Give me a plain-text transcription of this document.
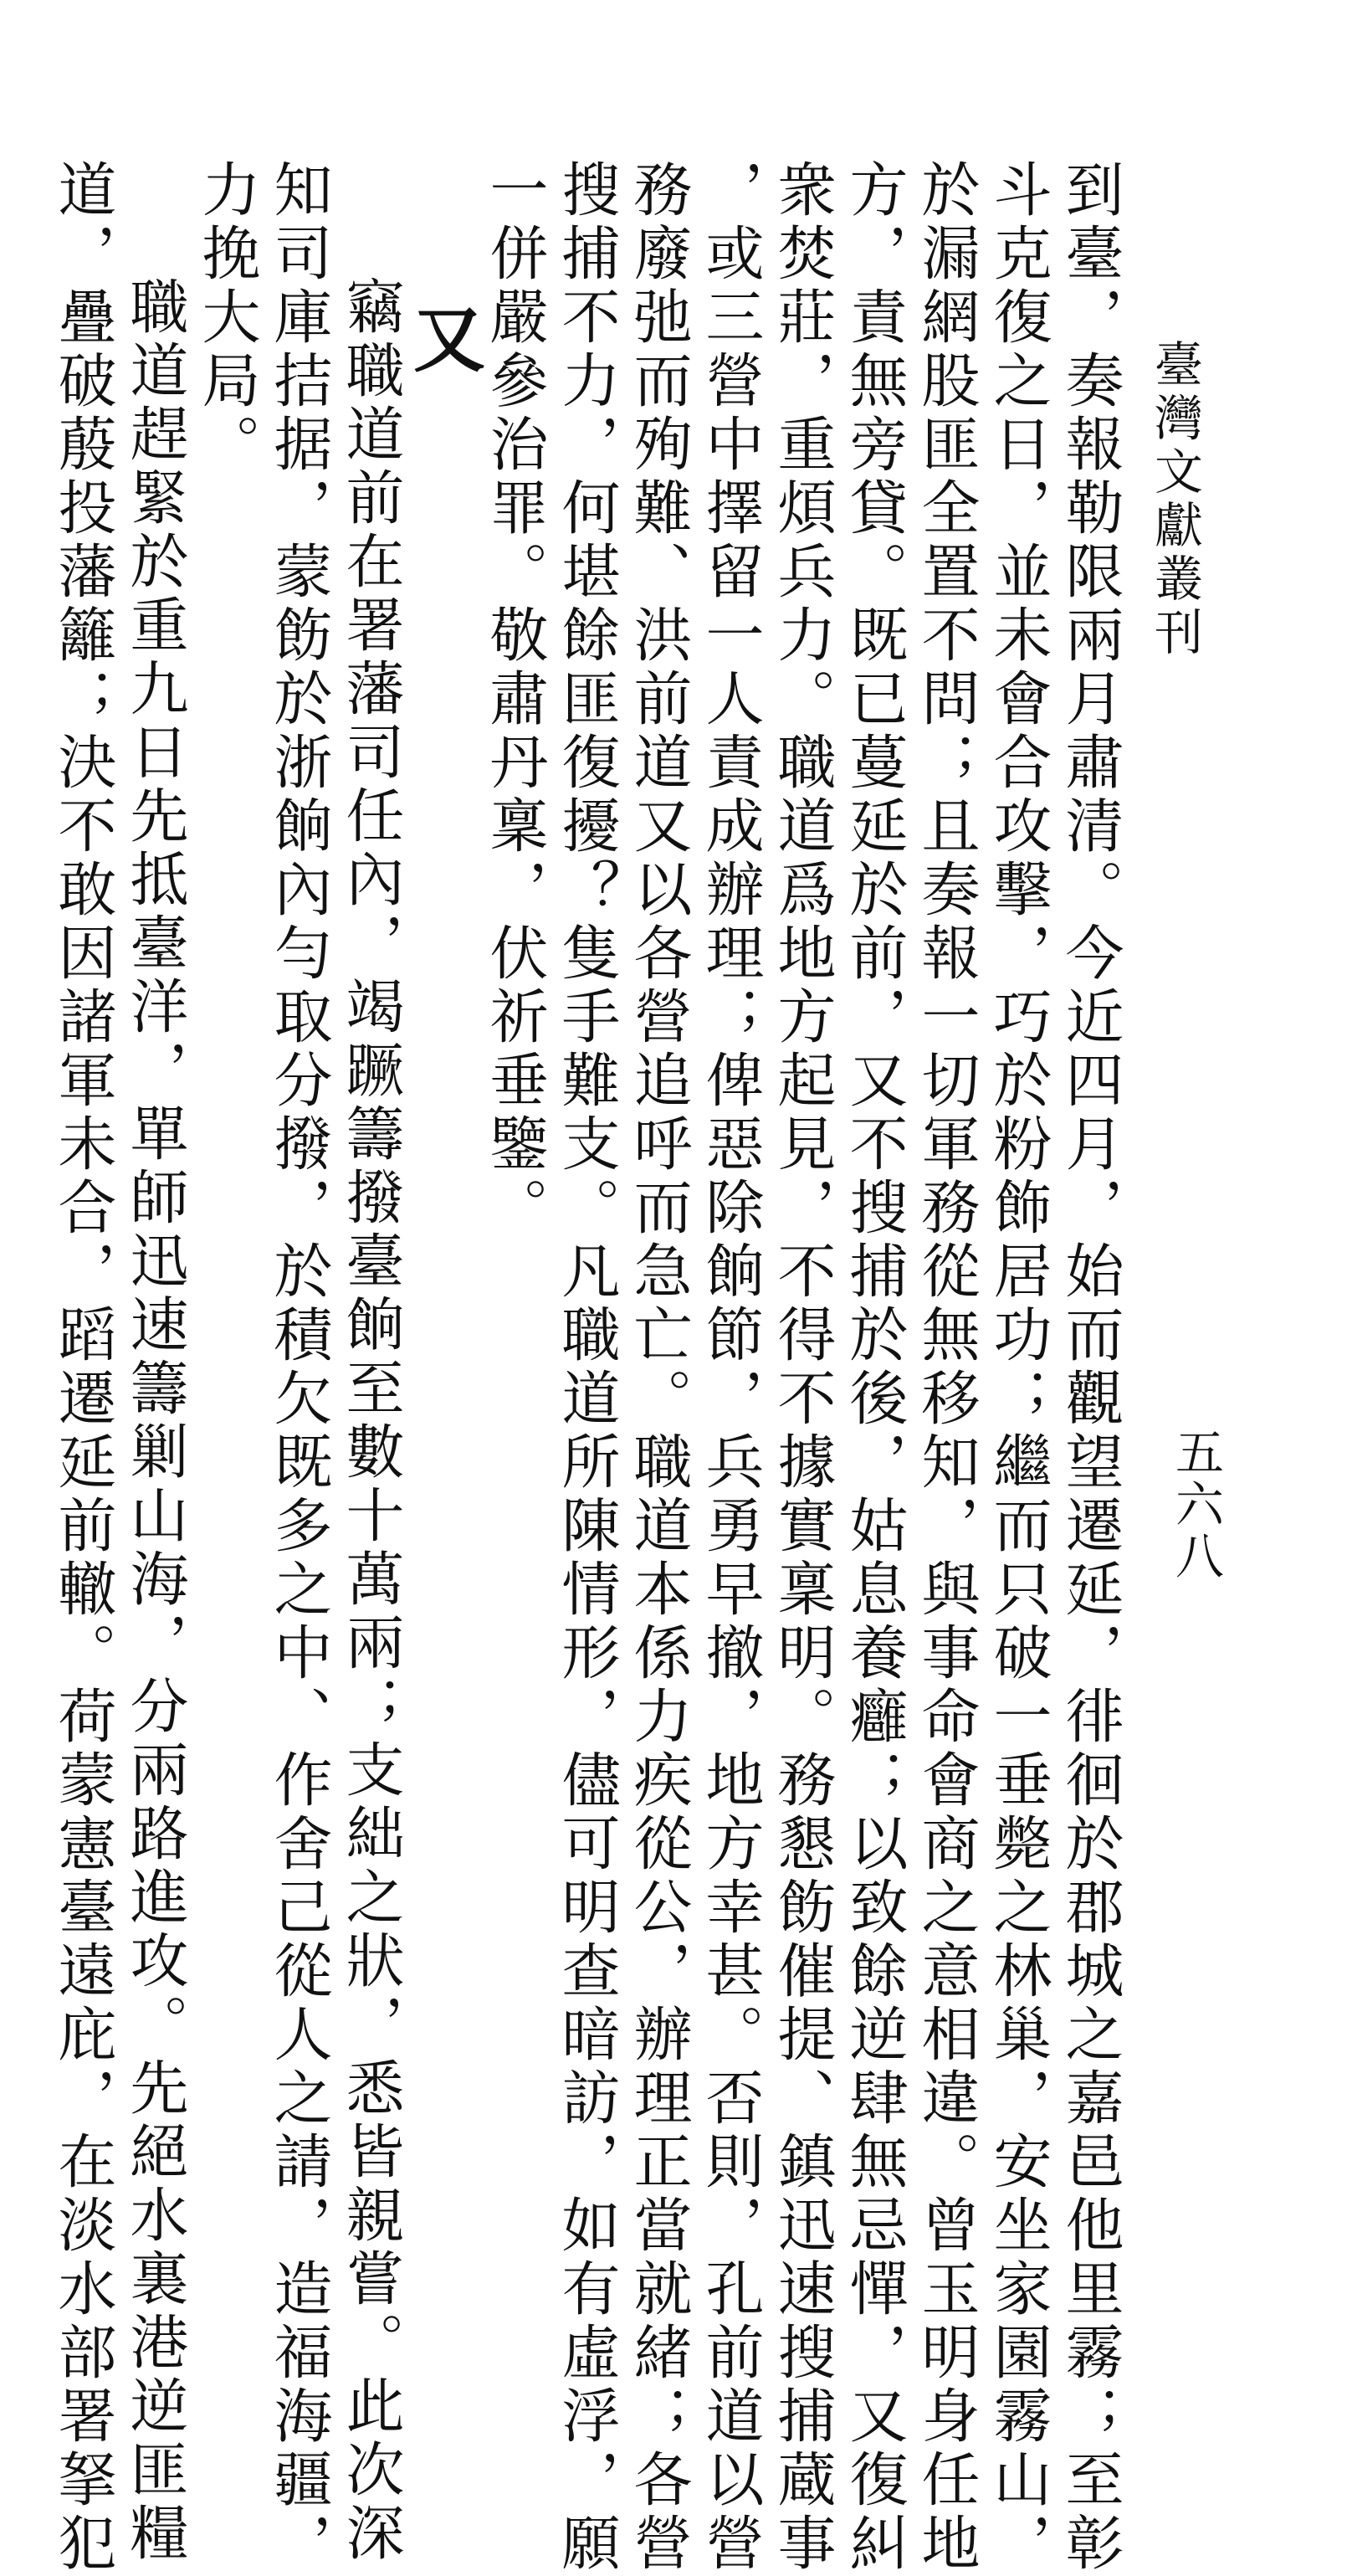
臺灣文獻叢刊
五六八
到臺，奏報勒限兩月肅清。今近四月，始而觀望遷延，徘徊於郡城之嘉邑他里霧；至彰
斗克復之日，並未會合攻擊，巧於粉飾居功；繼而只破一垂斃之林巢，安坐家園霧山，
於漏網股匪全置不問；且奏報一切軍務從無移知，與事命會商之意相違。曾玉明身任地
方，責無旁貸。既已蔓延於前，又不搜捕於後，姑息養癰；以致餘逆肆無忌憚，又復糾
衆焚莊，重煩兵力。職道爲地方起見，不得不據實稟明。務懇飭催提、鎮迅速搜捕蔵事
，或三營中擇留一人責成辦理；俾惡除餉節，兵勇早撤，地方幸甚。否則，孔前道以營
務廢弛而殉難、洪前道又以各營追呼而急亡。職道本係力疾從公，辦理正當就緒；各營
搜捕不力，何堪餘匪復擾？隻手難支。凡職道所陳情形，儘可明查暗訪，如有虛浮，願
一併嚴參治罪。敬肅丹稟，伏祈垂鑒。
又
竊職道前在署藩司任內，竭蹶籌撥臺餉至數十萬兩；支絀之狀，悉皆親嘗。此次深
知司庫拮据，蒙飭於浙餉內勻取分撥，於積欠既多之中、作舍己從人之請，造福海疆，
力挽大局。
職道趕緊於重九日先抵臺洋，單師迅速籌剿山海，分兩路進攻。先絕水裏港逆匪糧
道，疊破蒑投藩籬；決不敢因諸軍未合，蹈遷延前轍。荷蒙憲臺遠庇，在淡水部署拏犯
